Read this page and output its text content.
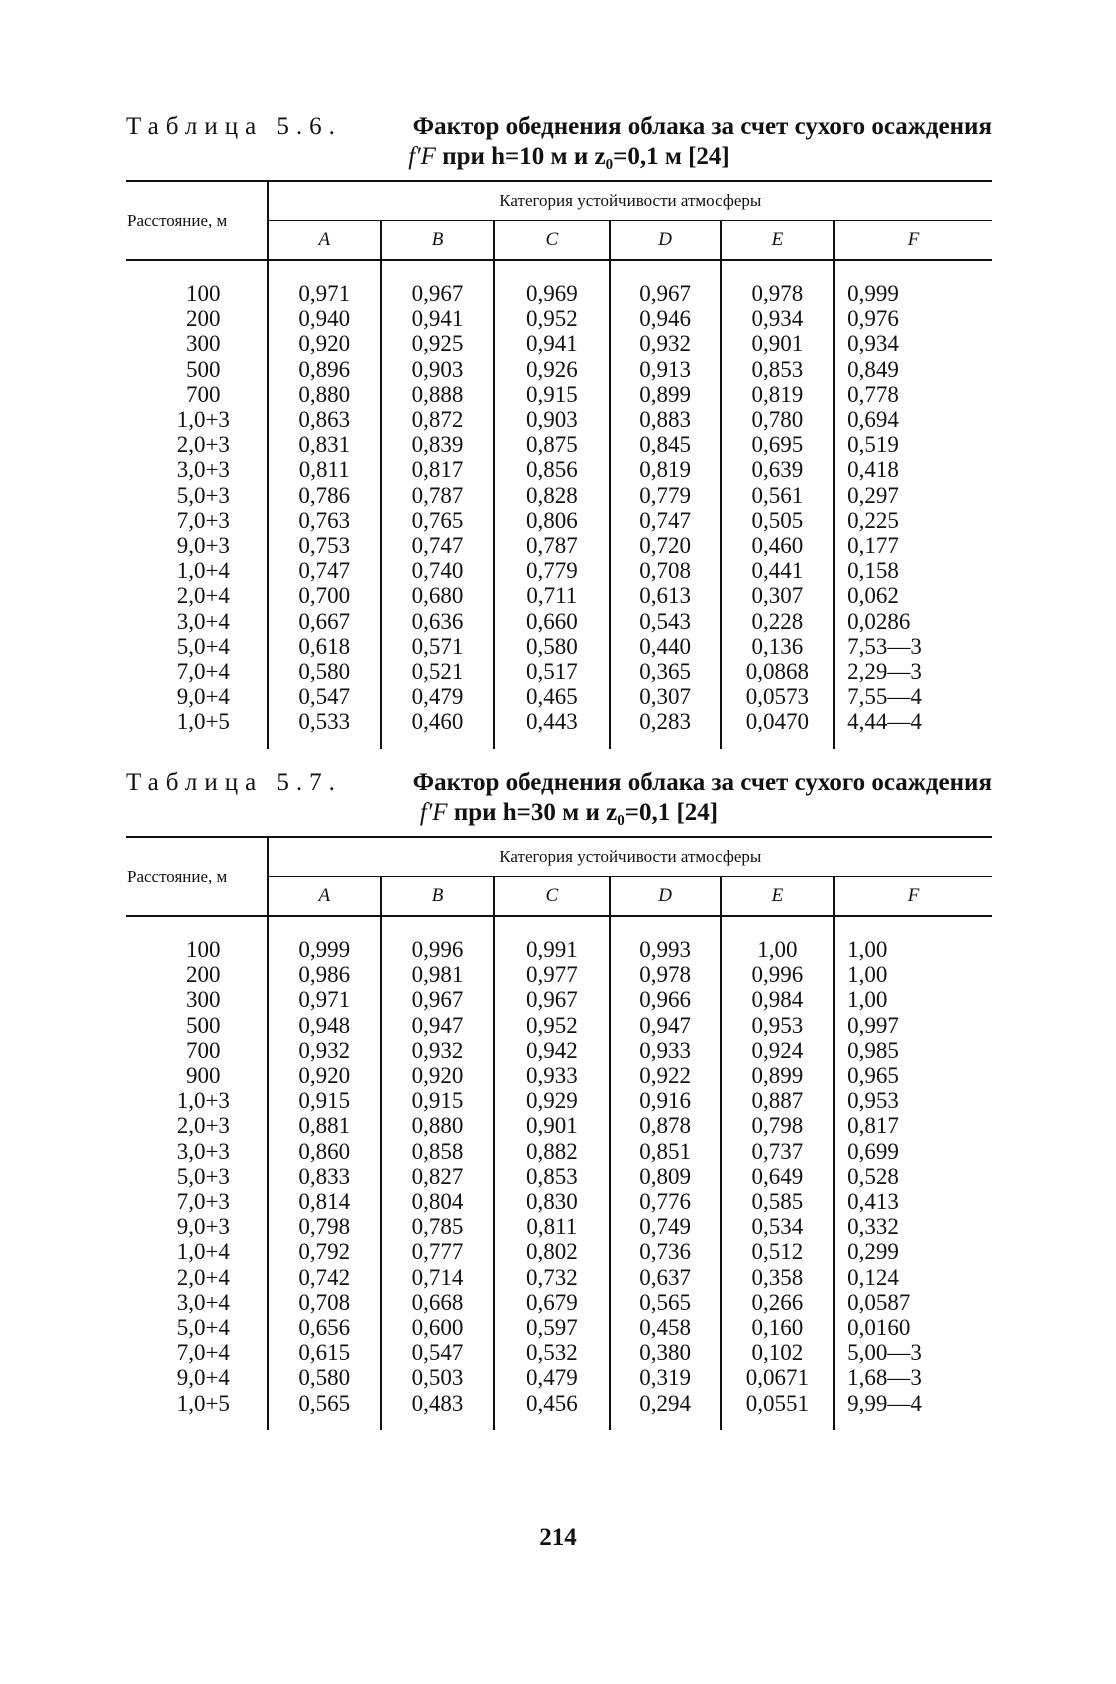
Таблица 5.6.	Фактор обеднения облака за счет сухого осаждения
f′F при h=10 м и z₀=0,1 м [24]
Расстояние, м	Категория устойчивости атмосферы					
	A	B	C	D	E	F
100	0,971	0,967	0,969	0,967	0,978	0,999
200	0,940	0,941	0,952	0,946	0,934	0,976
300	0,920	0,925	0,941	0,932	0,901	0,934
500	0,896	0,903	0,926	0,913	0,853	0,849
700	0,880	0,888	0,915	0,899	0,819	0,778
1,0+3	0,863	0,872	0,903	0,883	0,780	0,694
2,0+3	0,831	0,839	0,875	0,845	0,695	0,519
3,0+3	0,811	0,817	0,856	0,819	0,639	0,418
5,0+3	0,786	0,787	0,828	0,779	0,561	0,297
7,0+3	0,763	0,765	0,806	0,747	0,505	0,225
9,0+3	0,753	0,747	0,787	0,720	0,460	0,177
1,0+4	0,747	0,740	0,779	0,708	0,441	0,158
2,0+4	0,700	0,680	0,711	0,613	0,307	0,062
3,0+4	0,667	0,636	0,660	0,543	0,228	0,0286
5,0+4	0,618	0,571	0,580	0,440	0,136	7,53—3
7,0+4	0,580	0,521	0,517	0,365	0,0868	2,29—3
9,0+4	0,547	0,479	0,465	0,307	0,0573	7,55—4
1,0+5	0,533	0,460	0,443	0,283	0,0470	4,44—4
Таблица 5.7.	Фактор обеднения облака за счет сухого осаждения
f′F при h=30 м и z₀=0,1 [24]
Расстояние, м	Категория устойчивости атмосферы					
	A	B	C	D	E	F
100	0,999	0,996	0,991	0,993	1,00	1,00
200	0,986	0,981	0,977	0,978	0,996	1,00
300	0,971	0,967	0,967	0,966	0,984	1,00
500	0,948	0,947	0,952	0,947	0,953	0,997
700	0,932	0,932	0,942	0,933	0,924	0,985
900	0,920	0,920	0,933	0,922	0,899	0,965
1,0+3	0,915	0,915	0,929	0,916	0,887	0,953
2,0+3	0,881	0,880	0,901	0,878	0,798	0,817
3,0+3	0,860	0,858	0,882	0,851	0,737	0,699
5,0+3	0,833	0,827	0,853	0,809	0,649	0,528
7,0+3	0,814	0,804	0,830	0,776	0,585	0,413
9,0+3	0,798	0,785	0,811	0,749	0,534	0,332
1,0+4	0,792	0,777	0,802	0,736	0,512	0,299
2,0+4	0,742	0,714	0,732	0,637	0,358	0,124
3,0+4	0,708	0,668	0,679	0,565	0,266	0,0587
5,0+4	0,656	0,600	0,597	0,458	0,160	0,0160
7,0+4	0,615	0,547	0,532	0,380	0,102	5,00—3
9,0+4	0,580	0,503	0,479	0,319	0,0671	1,68—3
1,0+5	0,565	0,483	0,456	0,294	0,0551	9,99—4
214
